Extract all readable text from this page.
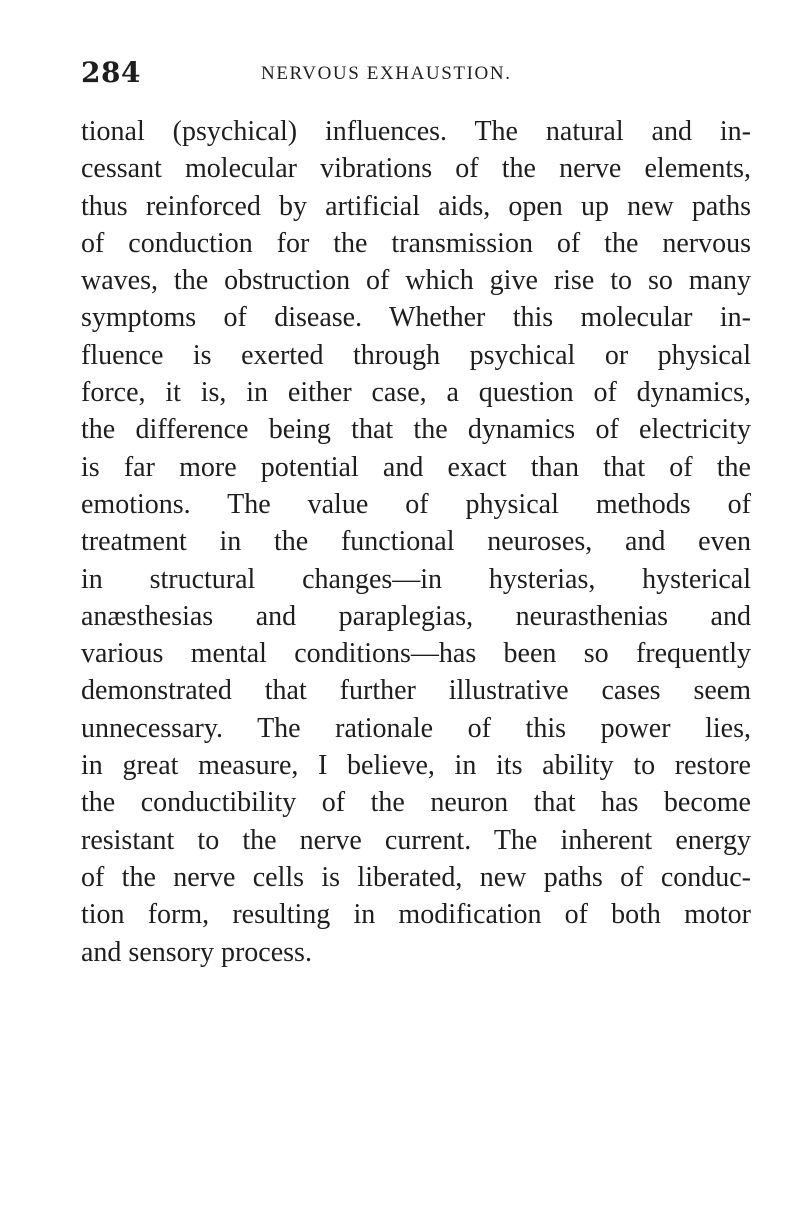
284	NERVOUS EXHAUSTION.
tional (psychical) influences. The natural and in-
cessant molecular vibrations of the nerve elements,
thus reinforced by artificial aids, open up new paths
of conduction for the transmission of the nervous
waves, the obstruction of which give rise to so many
symptoms of disease. Whether this molecular in-
fluence is exerted through psychical or physical
force, it is, in either case, a question of dynamics,
the difference being that the dynamics of electricity
is far more potential and exact than that of the
emotions. The value of physical methods of
treatment in the functional neuroses, and even
in structural changes—in hysterias, hysterical
anæsthesias and paraplegias, neurasthenias and
various mental conditions—has been so frequently
demonstrated that further illustrative cases seem
unnecessary. The rationale of this power lies,
in great measure, I believe, in its ability to restore
the conductibility of the neuron that has become
resistant to the nerve current. The inherent energy
of the nerve cells is liberated, new paths of conduc-
tion form, resulting in modification of both motor
and sensory process.
